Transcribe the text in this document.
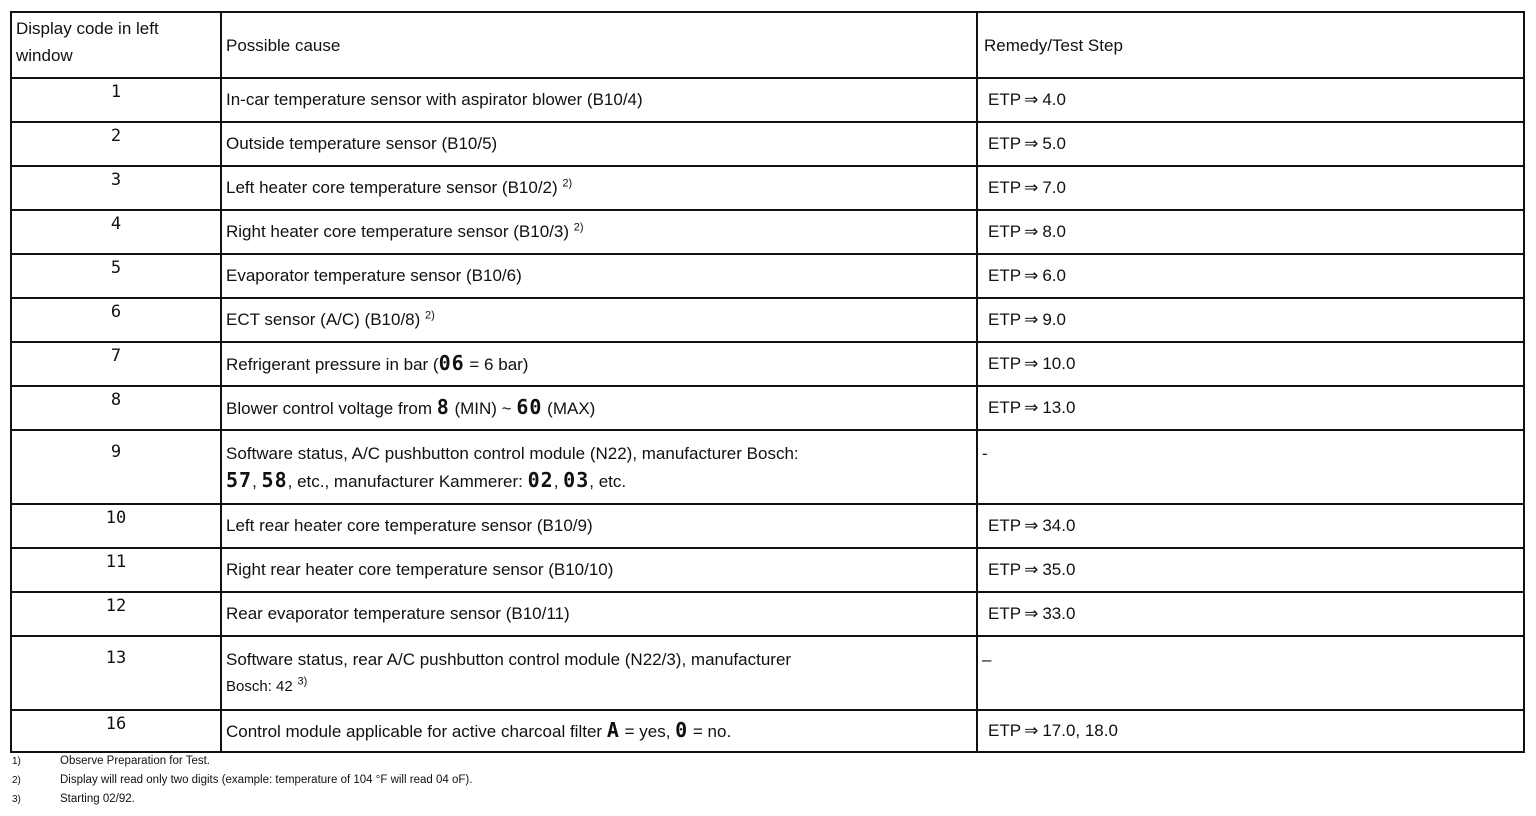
Display code in left window	Possible cause	Remedy/Test Step
1	In-car temperature sensor with aspirator blower (B10/4)	ETP ⇒ 4.0
2	Outside temperature sensor (B10/5)	ETP ⇒ 5.0
3	Left heater core temperature sensor (B10/2) $^{2)}$	ETP ⇒ 7.0
4	Right heater core temperature sensor (B10/3) $^{2)}$	ETP ⇒ 8.0
5	Evaporator temperature sensor (B10/6)	ETP ⇒ 6.0
6	ECT sensor (A/C) (B10/8) $^{2)}$	ETP ⇒ 9.0
7	Refrigerant pressure in bar (06 = 6 bar)	ETP ⇒ 10.0
8	Blower control voltage from 8 (MIN) ~ 60 (MAX)	ETP ⇒ 13.0
9	Software status, A/C pushbutton control module (N22), manufacturer Bosch:
57, 58, etc., manufacturer Kammerer: 02, 03, etc.	-
10	Left rear heater core temperature sensor (B10/9)	ETP ⇒ 34.0
11	Right rear heater core temperature sensor (B10/10)	ETP ⇒ 35.0
12	Rear evaporator temperature sensor (B10/11)	ETP ⇒ 33.0
13	Software status, rear A/C pushbutton control module (N22/3), manufacturer
Bosch: 42 $^{3)}$	–
16	Control module applicable for active charcoal filter A = yes, 0 = no.	ETP ⇒ 17.0, 18.0
1)	Observe Preparation for Test.
2)	Display will read only two digits (example: temperature of 104 °F will read 04 oF).
3)	Starting 02/92.
